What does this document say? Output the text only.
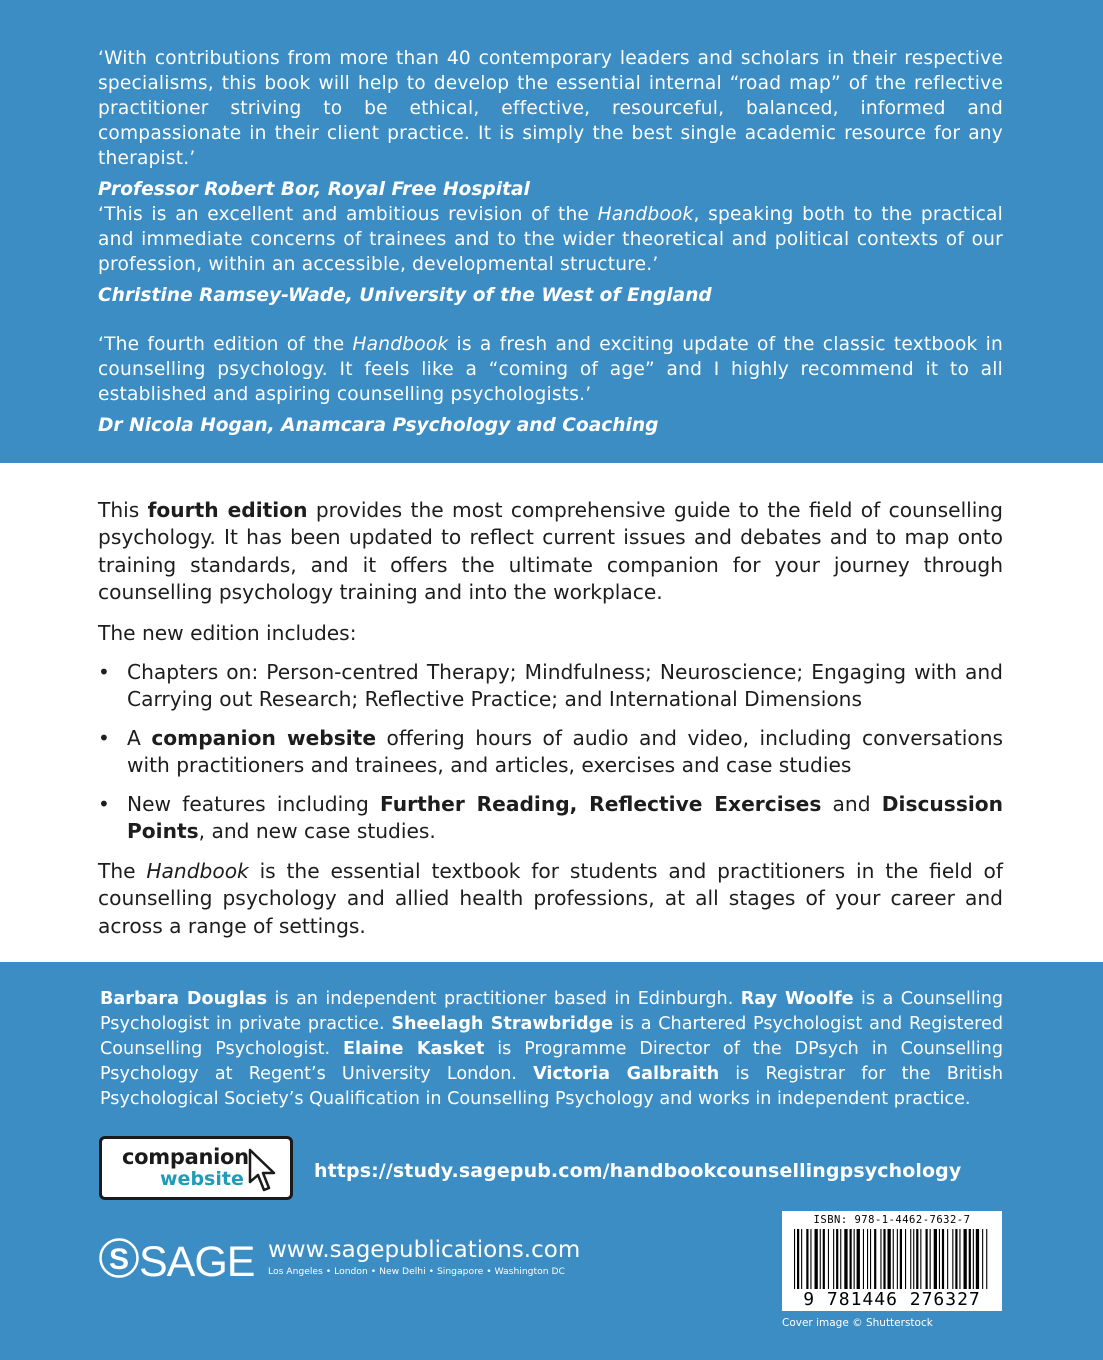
‘With contributions from more than 40 contemporary leaders and scholars in their respective specialisms, this book will help to develop the essential internal “road map” of the reflective practitioner striving to be ethical, effective, resourceful, balanced, informed and compassionate in their client practice. It is simply the best single academic resource for any therapist.’

Professor Robert Bor, Royal Free Hospital

‘This is an excellent and ambitious revision of the Handbook, speaking both to the practical and immediate concerns of trainees and to the wider theoretical and political contexts of our profession, within an accessible, developmental structure.’

Christine Ramsey-Wade, University of the West of England

‘The fourth edition of the Handbook is a fresh and exciting update of the classic textbook in counselling psychology. It feels like a “coming of age” and I highly recommend it to all established and aspiring counselling psychologists.’

Dr Nicola Hogan, Anamcara Psychology and Coaching

This fourth edition provides the most comprehensive guide to the field of counselling psychology. It has been updated to reflect current issues and debates and to map onto training standards, and it offers the ultimate companion for your journey through counselling psychology training and into the workplace.

The new edition includes:

• Chapters on: Person-centred Therapy; Mindfulness; Neuroscience; Engaging with and Carrying out Research; Reflective Practice; and International Dimensions
• A companion website offering hours of audio and video, including conversations with practitioners and trainees, and articles, exercises and case studies
• New features including Further Reading, Reflective Exercises and Discussion Points, and new case studies.

The Handbook is the essential textbook for students and practitioners in the field of counselling psychology and allied health professions, at all stages of your career and across a range of settings.

Barbara Douglas is an independent practitioner based in Edinburgh. Ray Woolfe is a Counselling Psychologist in private practice. Sheelagh Strawbridge is a Chartered Psychologist and Registered Counselling Psychologist. Elaine Kasket is Programme Director of the DPsych in Counselling Psychology at Regent’s University London. Victoria Galbraith is Registrar for the British Psychological Society’s Qualification in Counselling Psychology and works in independent practice.
companion
website	https://study.sagepub.com/handbookcounsellingpsychology
S SAGE www.sagepublications.com
Los Angeles • London • New Delhi • Singapore • Washington DC
ISBN: 978-1-4462-7632-7
9 781446 276327
Cover image © Shutterstock
